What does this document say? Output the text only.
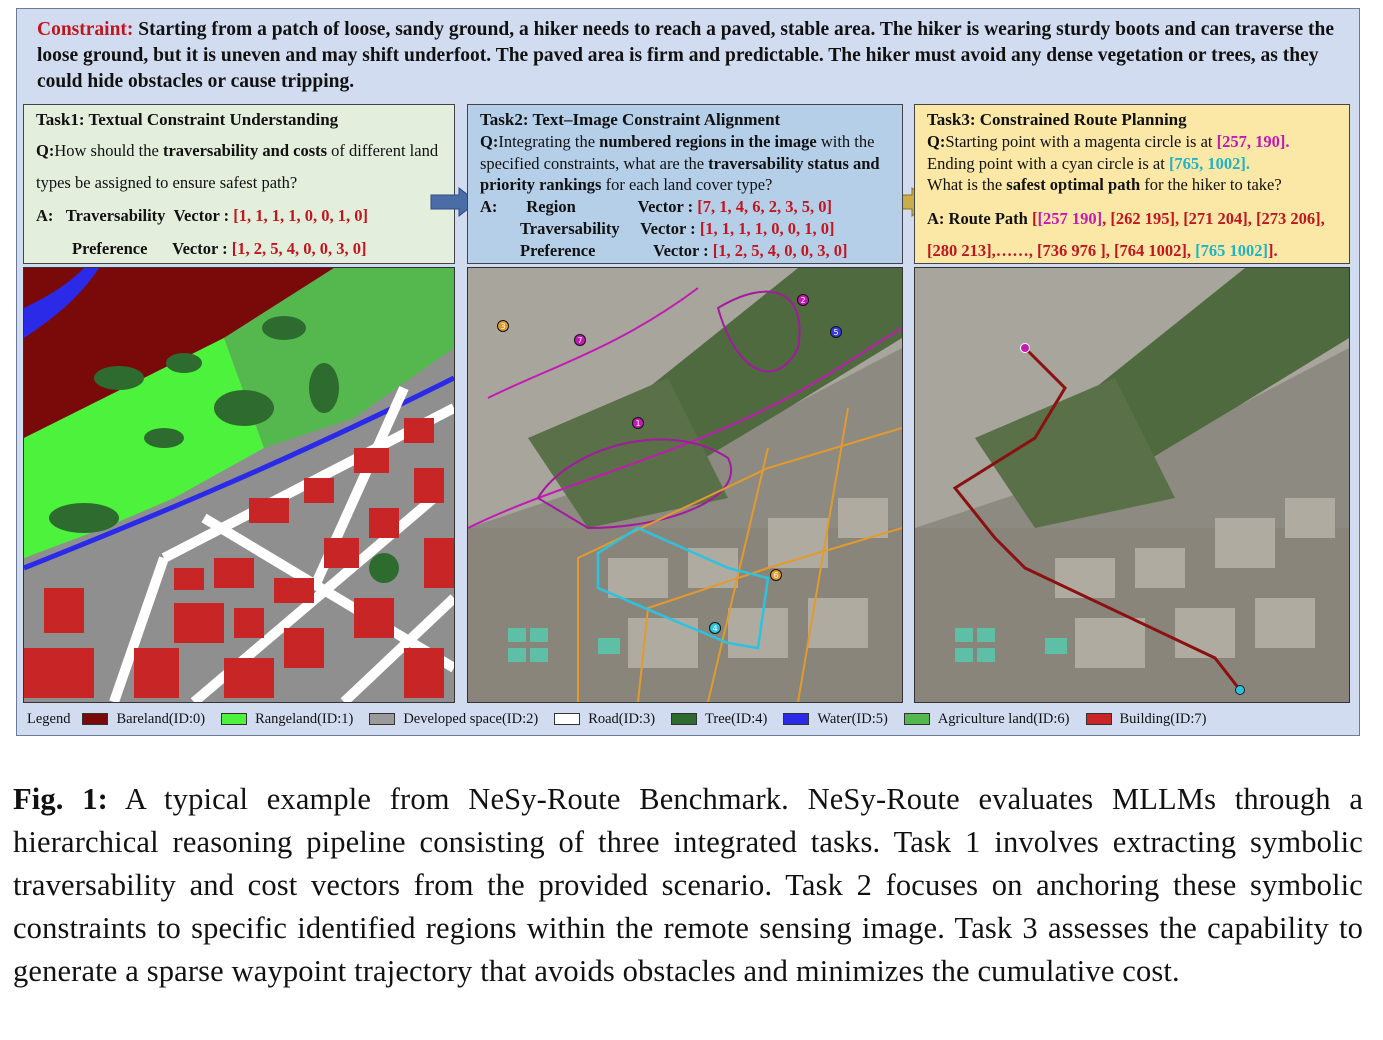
Constraint: Starting from a patch of loose, sandy ground, a hiker needs to reach a paved, stable area. The hiker is wearing sturdy boots and can traverse the loose ground, but it is uneven and may shift underfoot. The paved area is firm and predictable. The hiker must avoid any dense vegetation or trees, as they could hide obstacles or cause tripping.
Task1: Textual Constraint Understanding
Q:How should the traversability and costs of different land types be assigned to ensure safest path?
A: Traversability Vector : [1, 1, 1, 1, 0, 0, 1, 0]
Preference Vector : [1, 2, 5, 4, 0, 0, 3, 0]
Task2: Text–Image Constraint Alignment
Q:Integrating the numbered regions in the image with the specified constraints, what are the traversability status and priority rankings for each land cover type?
A: Region	Vector : [7, 1, 4, 6, 2, 3, 5, 0]
Traversability Vector : [1, 1, 1, 1, 0, 0, 1, 0]
Preference	Vector : [1, 2, 5, 4, 0, 0, 3, 0]
Task3: Constrained Route Planning
Q:Starting point with a magenta circle is at [257, 190].
Ending point with a cyan circle is at [765, 1002].
What is the safest optimal path for the hiker to take?
A: Route Path [[257 190], [262 195], [271 204], [273 206], [280 213],……, [736 976 ], [764 1002], [765 1002]].
3
7
2
5
1
6
4
Legend	Bareland(ID:0)	Rangeland(ID:1)	Developed space(ID:2)	Road(ID:3)	Tree(ID:4)	Water(ID:5)	Agriculture land(ID:6)	Building(ID:7)
Fig. 1: A typical example from NeSy-Route Benchmark. NeSy-Route evaluates MLLMs through a hierarchical reasoning pipeline consisting of three integrated tasks. Task 1 involves extracting symbolic traversability and cost vectors from the provided scenario. Task 2 focuses on anchoring these symbolic constraints to specific identified regions within the remote sensing image. Task 3 assesses the capability to generate a sparse waypoint trajectory that avoids obstacles and minimizes the cumulative cost.
